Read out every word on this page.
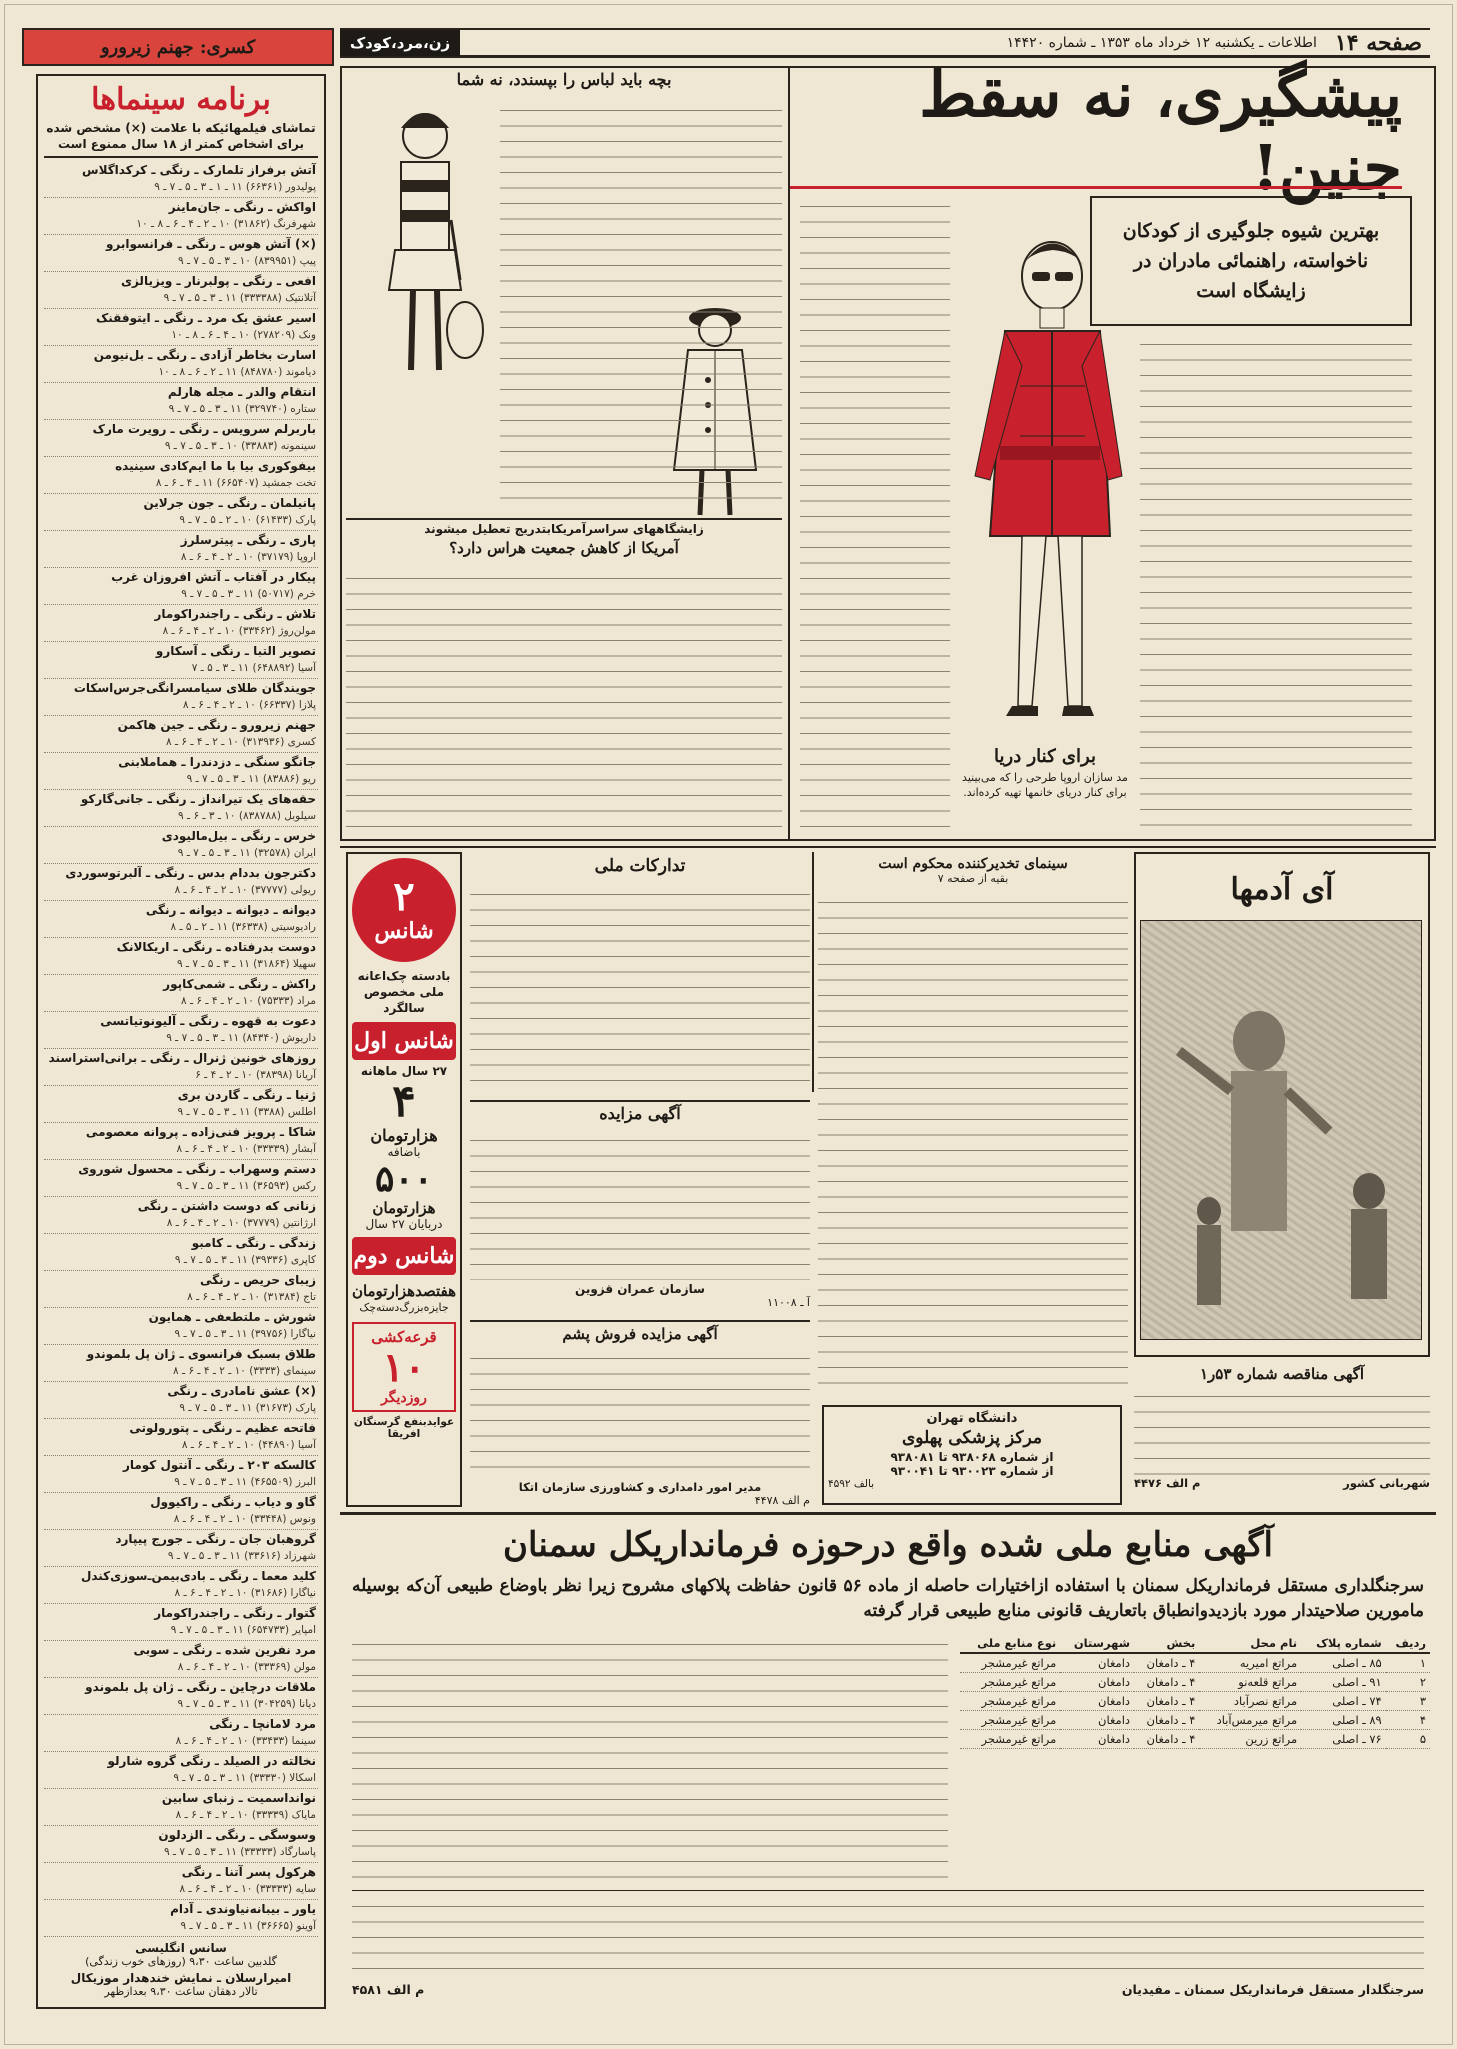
صفحه ۱۴
اطلاعات ـ یکشنبه ۱۲ خرداد ماه ۱۳۵۳ ـ شماره ۱۴۴۲۰
زن،مرد،کودک
کسری: جهنم زیرورو
برنامه سینماها
تماشای فیلمهائیکه با علامت (×) مشخص شده برای اشخاص کمتر از ۱۸ سال ممنوع است
آتش برفراز تلمارک ـ رنگی ـ کرکداگلاس
پولیدور (۶۶۳۶۱) ۱۱ ـ ۱ ـ ۳ ـ ۵ ـ ۷ ـ ۹
اواکش ـ رنگی ـ جان‌ماینر
شهرفرنگ (۳۱۸۶۲) ۱۰ ـ ۲ ـ ۴ ـ ۶ ـ ۸ ـ ۱۰
(×) آتش هوس ـ رنگی ـ فرانسوابرو
پیپ (۸۳۹۹۵۱) ۱۰ ـ ۳ ـ ۵ ـ ۷ ـ ۹
افعی ـ رنگی ـ پولبرنار ـ ویزیالزی
آتلانتیک (۳۳۳۳۸۸) ۱۱ ـ ۳ ـ ۵ ـ ۷ ـ ۹
اسیر عشق یک مرد ـ رنگی ـ ایتوفقنک
ونک (۲۷۸۲۰۹) ۱۰ ـ ۴ ـ ۶ ـ ۸ ـ ۱۰
اسارت بخاطر آزادی ـ رنگی ـ بل‌نیومن
دیاموند (۸۴۸۷۸۰) ۱۱ ـ ۲ ـ ۶ ـ ۸ ـ ۱۰
انتقام والدر ـ مجله هارلم
ستاره (۳۲۹۷۴۰) ۱۱ ـ ۳ ـ ۵ ـ ۷ ـ ۹
باربرلم سرویس ـ رنگی ـ رویرت مارک
سینمونه (۳۳۸۸۳) ۱۰ ـ ۳ ـ ۵ ـ ۷ ـ ۹
بیفوکوری بیا با ما ایم‌کادی سینیده
تخت جمشید (۶۶۵۴۰۷) ۱۱ ـ ۴ ـ ۶ ـ ۸
پانیلمان ـ رنگی ـ جون جرلاین
پارک (۶۱۴۳۳) ۱۰ ـ ۲ ـ ۵ ـ ۷ ـ ۹
پاری ـ رنگی ـ پیترسلرز
اروپا (۳۷۱۷۹) ۱۰ ـ ۲ ـ ۴ ـ ۶ ـ ۸
پیکار در آفتاب ـ آتش افروزان غرب
خرم (۵۰۷۱۷) ۱۱ ـ ۳ ـ ۵ ـ ۷ ـ ۹
تلاش ـ رنگی ـ راجندراکومار
مولن‌روژ (۳۳۴۶۲) ۱۰ ـ ۲ ـ ۴ ـ ۶ ـ ۸
تصویر التبا ـ رنگی ـ آسکارو
آسیا (۶۴۸۸۹۲) ۱۱ ـ ۳ ـ ۵ ـ ۷
جویندگان طلای سیامسرانگی‌جرس‌اسکات
پلازا (۶۶۳۳۷) ۱۰ ـ ۲ ـ ۴ ـ ۶ ـ ۸
جهنم زیرورو ـ رنگی ـ جین هاکمن
کسری (۳۱۳۹۳۶) ۱۰ ـ ۲ ـ ۴ ـ ۶ ـ ۸
جانگو سنگی ـ دزدندرا ـ هماملابنی
ریو (۸۳۸۸۶) ۱۱ ـ ۳ ـ ۵ ـ ۷ ـ ۹
حقه‌های یک تیرانداز ـ رنگی ـ جانی‌گارکو
سیلوبل (۸۳۸۷۸۸) ۱۰ ـ ۳ ـ ۶ ـ ۹
خرس ـ رنگی ـ بیل‌مالیودی
ایران (۳۲۵۷۸) ۱۱ ـ ۳ ـ ۵ ـ ۷ ـ ۹
دکترجون بددام بدس ـ رنگی ـ آلبرتوسوردی
ریولی (۳۷۷۷۷) ۱۰ ـ ۲ ـ ۴ ـ ۶ ـ ۸
دیوانه ـ دیوانه ـ دیوانه ـ رنگی
رادیوسیتی (۳۶۳۳۸) ۱۱ ـ ۲ ـ ۵ ـ ۸
دوست بدرفتاده ـ رنگی ـ اریکالانک
سهیلا (۳۱۸۶۴) ۱۱ ـ ۳ ـ ۵ ـ ۷ ـ ۹
راکش ـ رنگی ـ شمی‌کاپور
مراد (۷۵۳۳۳) ۱۰ ـ ۲ ـ ۴ ـ ۶ ـ ۸
دعوت به قهوه ـ رنگی ـ آلیونوتیاتسی
داریوش (۸۴۳۴۰) ۱۱ ـ ۳ ـ ۵ ـ ۷ ـ ۹
روزهای خونین ژنرال ـ رنگی ـ برانی‌استراسند
آریانا (۳۸۳۹۸) ۱۰ ـ ۲ ـ ۴ ـ ۶
ژنیا ـ رنگی ـ گاردن بری
اطلس (۳۳۸۸) ۱۱ ـ ۳ ـ ۵ ـ ۷ ـ ۹
شاکا ـ پرویز فنی‌زاده ـ پروانه معصومی
آبشار (۳۳۳۳۹) ۱۰ ـ ۲ ـ ۴ ـ ۶ ـ ۸
دستم وسهراب ـ رنگی ـ محسول شوروی
رکس (۳۶۵۹۳) ۱۱ ـ ۳ ـ ۵ ـ ۷ ـ ۹
زنانی که دوست داشتن ـ رنگی
ارژانتین (۳۷۷۷۹) ۱۰ ـ ۲ ـ ۴ ـ ۶ ـ ۸
زندگی ـ رنگی ـ کامبو
کاپری (۳۹۳۳۶) ۱۱ ـ ۳ ـ ۵ ـ ۷ ـ ۹
زیبای حریص ـ رنگی
تاج (۳۱۳۸۴) ۱۰ ـ ۲ ـ ۴ ـ ۶ ـ ۸
شورش ـ ملتطعفی ـ همایون
نیاگارا (۳۹۷۵۶) ۱۱ ـ ۳ ـ ۵ ـ ۷ ـ ۹
طلاق بسبک فرانسوی ـ ژان پل بلموندو
سینمای (۳۳۳۳) ۱۰ ـ ۲ ـ ۴ ـ ۶ ـ ۸
(×) عشق نامادری ـ رنگی
پارک (۳۱۶۷۳) ۱۱ ـ ۳ ـ ۵ ـ ۷ ـ ۹
فاتحه عظیم ـ رنگی ـ پتورولوتی
آسیا (۴۴۸۹۰) ۱۰ ـ ۲ ـ ۴ ـ ۶ ـ ۸
کالسکه ۲۰۳ ـ رنگی ـ آنتول کومار
البرز (۴۶۵۵۰۹) ۱۱ ـ ۳ ـ ۵ ـ ۷ ـ ۹
گاو و دیاب ـ رنگی ـ راکیوول
ونوس (۳۳۴۴۸) ۱۰ ـ ۲ ـ ۴ ـ ۶ ـ ۸
گروهبان جان ـ رنگی ـ جورج پیپارد
شهرزاد (۳۳۶۱۶) ۱۱ ـ ۳ ـ ۵ ـ ۷ ـ ۹
کلید معما ـ رنگی ـ بادی‌بیمن‌ـ‌سوزی‌کندل
نیاگارا (۳۱۶۸۶) ۱۰ ـ ۲ ـ ۴ ـ ۶ ـ ۸
گتوار ـ رنگی ـ راجندراکومار
امپایر (۶۵۴۷۳۳) ۱۱ ـ ۳ ـ ۵ ـ ۷ ـ ۹
مرد نفرین شده ـ رنگی ـ سوبی
مولن (۳۳۳۶۹) ۱۰ ـ ۲ ـ ۴ ـ ۶ ـ ۸
ملاقات درچاین ـ رنگی ـ ژان پل بلموندو
دیانا (۳۰۴۲۵۹) ۱۱ ـ ۳ ـ ۵ ـ ۷ ـ ۹
مرد لامانچا ـ رنگی
سینما (۳۳۴۳۳) ۱۰ ـ ۲ ـ ۴ ـ ۶ ـ ۸
نخالته در الصیلد ـ رنگی گروه شارلو
اسکالا (۳۳۳۳۰) ۱۱ ـ ۳ ـ ۵ ـ ۷ ـ ۹
نوانداسمیت ـ زنبای سابین
مایاک (۳۳۳۳۹) ۱۰ ـ ۲ ـ ۴ ـ ۶ ـ ۸
وسوسگی ـ رنگی ـ الزدلون
پاسارگاد (۳۳۳۳۳) ۱۱ ـ ۳ ـ ۵ ـ ۷ ـ ۹
هرکول پسر آتنا ـ رنگی
سایه (۳۳۳۳۳) ۱۰ ـ ۲ ـ ۴ ـ ۶ ـ ۸
یاور ـ بیبانه‌نیاوندی ـ آدام
آوینو (۳۶۶۶۵) ۱۱ ـ ۳ ـ ۵ ـ ۷ ـ ۹
سانس انگلیسی
گلدبین ساعت ۹،۳۰ (روزهای خوب زندگی)
امیرارسلان ـ نمایش خندهدار موزیکال
تالار دهقان ساعت ۹،۳۰ بعدازظهر
پیشگیری، نه سقط جنین!
بهترین شیوه جلوگیری از کودکان ناخواسته، راهنمائی مادران در زایشگاه است
برای کنار دریا
مد سازان اروپا طرحی را که می‌بینید برای کنار دریای خانمها تهیه کرده‌اند.
بچه باید لباس را بپسندد، نه شما
زایشگاههای سراسرآمریکابتدریج تعطیل میشوند
آمریکا از کاهش جمعیت هراس دارد؟
۲
شانس
بادسته چک‌اعانه ملی مخصوص سالگرد
شانس اول
۲۷ سال ماهانه
۴
هزارتومان
باضافه
۵۰۰
هزارتومان
دربایان ۲۷ سال
شانس دوم
هفتصدهزارتومان
جایزه‌بزرگ‌دسته‌چک
قرعه‌کشی
۱۰
روزدیگر
عوایدبنفع گرسنگان افریقا
تدارکات ملی	سینمای تخدیرکننده محکوم است
بقیه از صفحه ۷
آگهی مزایده
سازمان عمران قزوین
آ ـ ۱۱۰۰۸
آگهی مزایده فروش پشم
مدیر امور دامداری و کشاورزی سازمان اتکا
م الف ۴۴۷۸
دانشگاه تهران
مرکز پزشکی پهلوی
از شماره ۹۳۸۰۶۸ تا ۹۳۸۰۸۱
از شماره ۹۳۰۰۲۳ تا ۹۳۰۰۴۱
بالف ۴۵۹۲
آی آدمها
آگهی مناقصه شماره ۵۳ر۱
شهربانی کشور
م الف ۴۴۷۶
آگهی منابع ملی شده واقع درحوزه فرمانداریکل سمنان
سرجنگلداری مستقل فرمانداریکل سمنان با استفاده ازاختیارات حاصله از ماده ۵۶ قانون حفاظت پلاکهای مشروح زیرا نظر باوضاع طبیعی آن‌که بوسیله مامورین صلاحیتدار مورد بازدیدوانطباق باتعاریف قانونی منابع طبیعی قرار گرفته
ردیف	شماره پلاک	نام محل	بخش	شهرستان	نوع منابع ملی
۱	۸۵ ـ اصلی	مراتع امیریه	۴ ـ دامغان	دامغان	مراتع غیرمشجر
۲	۹۱ ـ اصلی	مراتع قلعه‌نو	۴ ـ دامغان	دامغان	مراتع غیرمشجر
۳	۷۴ ـ اصلی	مراتع نصرآباد	۴ ـ دامغان	دامغان	مراتع غیرمشجر
۴	۸۹ ـ اصلی	مراتع میرمس‌آباد	۴ ـ دامغان	دامغان	مراتع غیرمشجر
۵	۷۶ ـ اصلی	مراتع زرین	۴ ـ دامغان	دامغان	مراتع غیرمشجر
سرجنگلدار مستقل فرمانداریکل سمنان ـ مفیدیان
م الف ۴۵۸۱
